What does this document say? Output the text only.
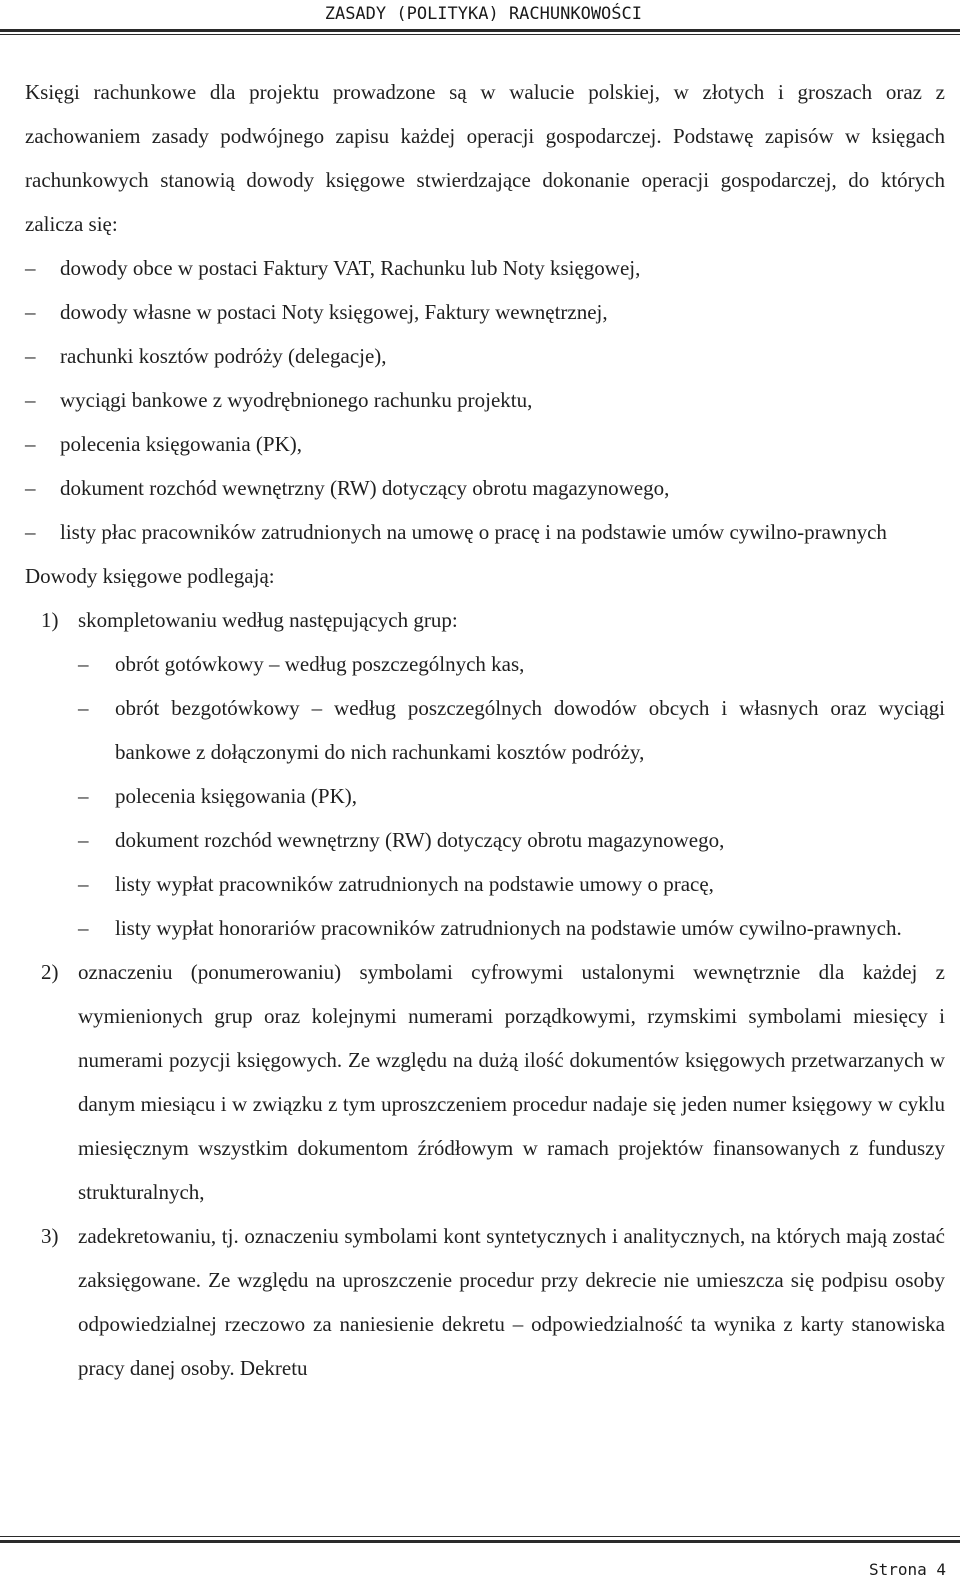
ZASADY (POLITYKA) RACHUNKOWOŚCI

Księgi rachunkowe dla projektu prowadzone są w walucie polskiej, w złotych i groszach oraz z zachowaniem zasady podwójnego zapisu każdej operacji gospodarczej. Podstawę zapisów w księgach rachunkowych stanowią dowody księgowe stwierdzające dokonanie operacji gospodarczej, do których zalicza się:

–	dowody obce w postaci Faktury VAT, Rachunku lub Noty księgowej,
–	dowody własne w postaci Noty księgowej, Faktury wewnętrznej,
–	rachunki kosztów podróży (delegacje),
–	wyciągi bankowe z wyodrębnionego rachunku projektu,
–	polecenia księgowania (PK),
–	dokument rozchód wewnętrzny (RW) dotyczący obrotu magazynowego,
–	listy płac pracowników zatrudnionych na umowę o pracę i na podstawie umów cywilno-prawnych

Dowody księgowe podlegają:

1) skompletowaniu według następujących grup:
– obrót gotówkowy – według poszczególnych kas,
– obrót bezgotówkowy – według poszczególnych dowodów obcych i własnych oraz wyciągi bankowe z dołączonymi do nich rachunkami kosztów podróży,
– polecenia księgowania (PK),
– dokument rozchód wewnętrzny (RW) dotyczący obrotu magazynowego,
– listy wypłat pracowników zatrudnionych na podstawie umowy o pracę,
– listy wypłat honorariów pracowników zatrudnionych na podstawie umów cywilno-prawnych.
2) oznaczeniu (ponumerowaniu) symbolami cyfrowymi ustalonymi wewnętrznie dla każdej z wymienionych grup oraz kolejnymi numerami porządkowymi, rzymskimi symbolami miesięcy i numerami pozycji księgowych. Ze względu na dużą ilość dokumentów księgowych przetwarzanych w danym miesiącu i w związku z tym uproszczeniem procedur nadaje się jeden numer księgowy w cyklu miesięcznym wszystkim dokumentom źródłowym w ramach projektów finansowanych z funduszy strukturalnych,
3) zadekretowaniu, tj. oznaczeniu symbolami kont syntetycznych i analitycznych, na których mają zostać zaksięgowane. Ze względu na uproszczenie procedur przy dekrecie nie umieszcza się podpisu osoby odpowiedzialnej rzeczowo za naniesienie dekretu – odpowiedzialność ta wynika z karty stanowiska pracy danej osoby. Dekretu
Strona 4
